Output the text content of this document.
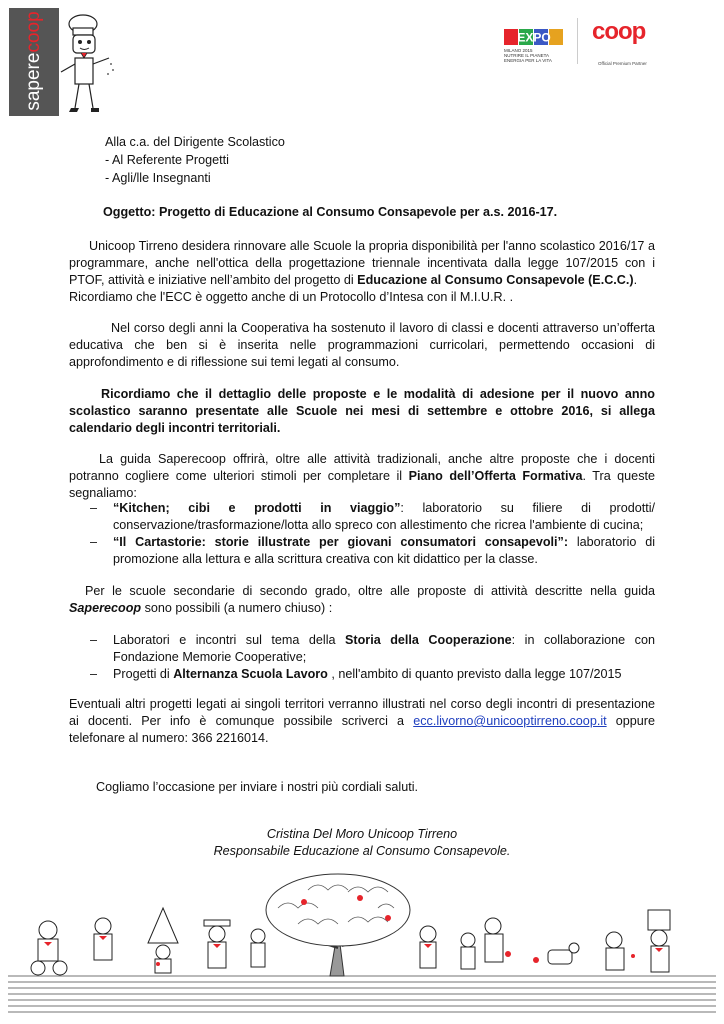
saperecoop	EXPO
MILANO 2015
NUTRIRE IL PIANETA
ENERGIA PER LA VITA
coop
Official Premium Partner
Alla c.a. del Dirigente Scolastico
- Al Referente Progetti
- Agli/lle Insegnanti
Oggetto: Progetto di Educazione al Consumo Consapevole per a.s. 2016-17.
Unicoop Tirreno desidera rinnovare alle Scuole la propria disponibilità per l'anno scolastico 2016/17 a programmare, anche nell'ottica della progettazione triennale incentivata dalla legge 107/2015 con i PTOF, attività e iniziative nell’ambito del progetto di Educazione al Consumo Consapevole (E.C.C.).
Ricordiamo che l'ECC è oggetto anche di un Protocollo d’Intesa con il M.I.U.R. .
Nel corso degli anni la Cooperativa ha sostenuto il lavoro di classi e docenti attraverso un’offerta educativa che ben si è inserita nelle programmazioni curricolari, permettendo occasioni di approfondimento e di riflessione sui temi legati al consumo.
Ricordiamo che il dettaglio delle proposte e le modalità di adesione per il nuovo anno scolastico saranno presentate alle Scuole nei mesi di settembre e ottobre 2016, si allega calendario degli incontri territoriali.
La guida Saperecoop offrirà, oltre alle attività tradizionali, anche altre proposte che i docenti potranno cogliere come ulteriori stimoli per completare il Piano dell’Offerta Formativa. Tra queste segnaliamo:
– “Kitchen; cibi e prodotti in viaggio”: laboratorio su filiere di prodotti/ conservazione/trasformazione/lotta allo spreco con allestimento che ricrea l'ambiente di cucina;
– “Il Cartastorie: storie illustrate per giovani consumatori consapevoli”: laboratorio di promozione alla lettura e alla scrittura creativa con kit didattico per la classe.
Per le scuole secondarie di secondo grado, oltre alle proposte di attività descritte nella guida Saperecoop sono possibili (a numero chiuso) :
– Laboratori e incontri sul tema della Storia della Cooperazione: in collaborazione con Fondazione Memorie Cooperative;
– Progetti di Alternanza Scuola Lavoro , nell'ambito di quanto previsto dalla legge 107/2015
Eventuali altri progetti legati ai singoli territori verranno illustrati nel corso degli incontri di presentazione ai docenti. Per info è comunque possibile scriverci a ecc.livorno@unicooptirreno.coop.it oppure telefonare al numero: 366 2216014.
Cogliamo l’occasione per inviare i nostri più cordiali saluti.
Cristina Del Moro Unicoop Tirreno
Responsabile Educazione al Consumo Consapevole.
